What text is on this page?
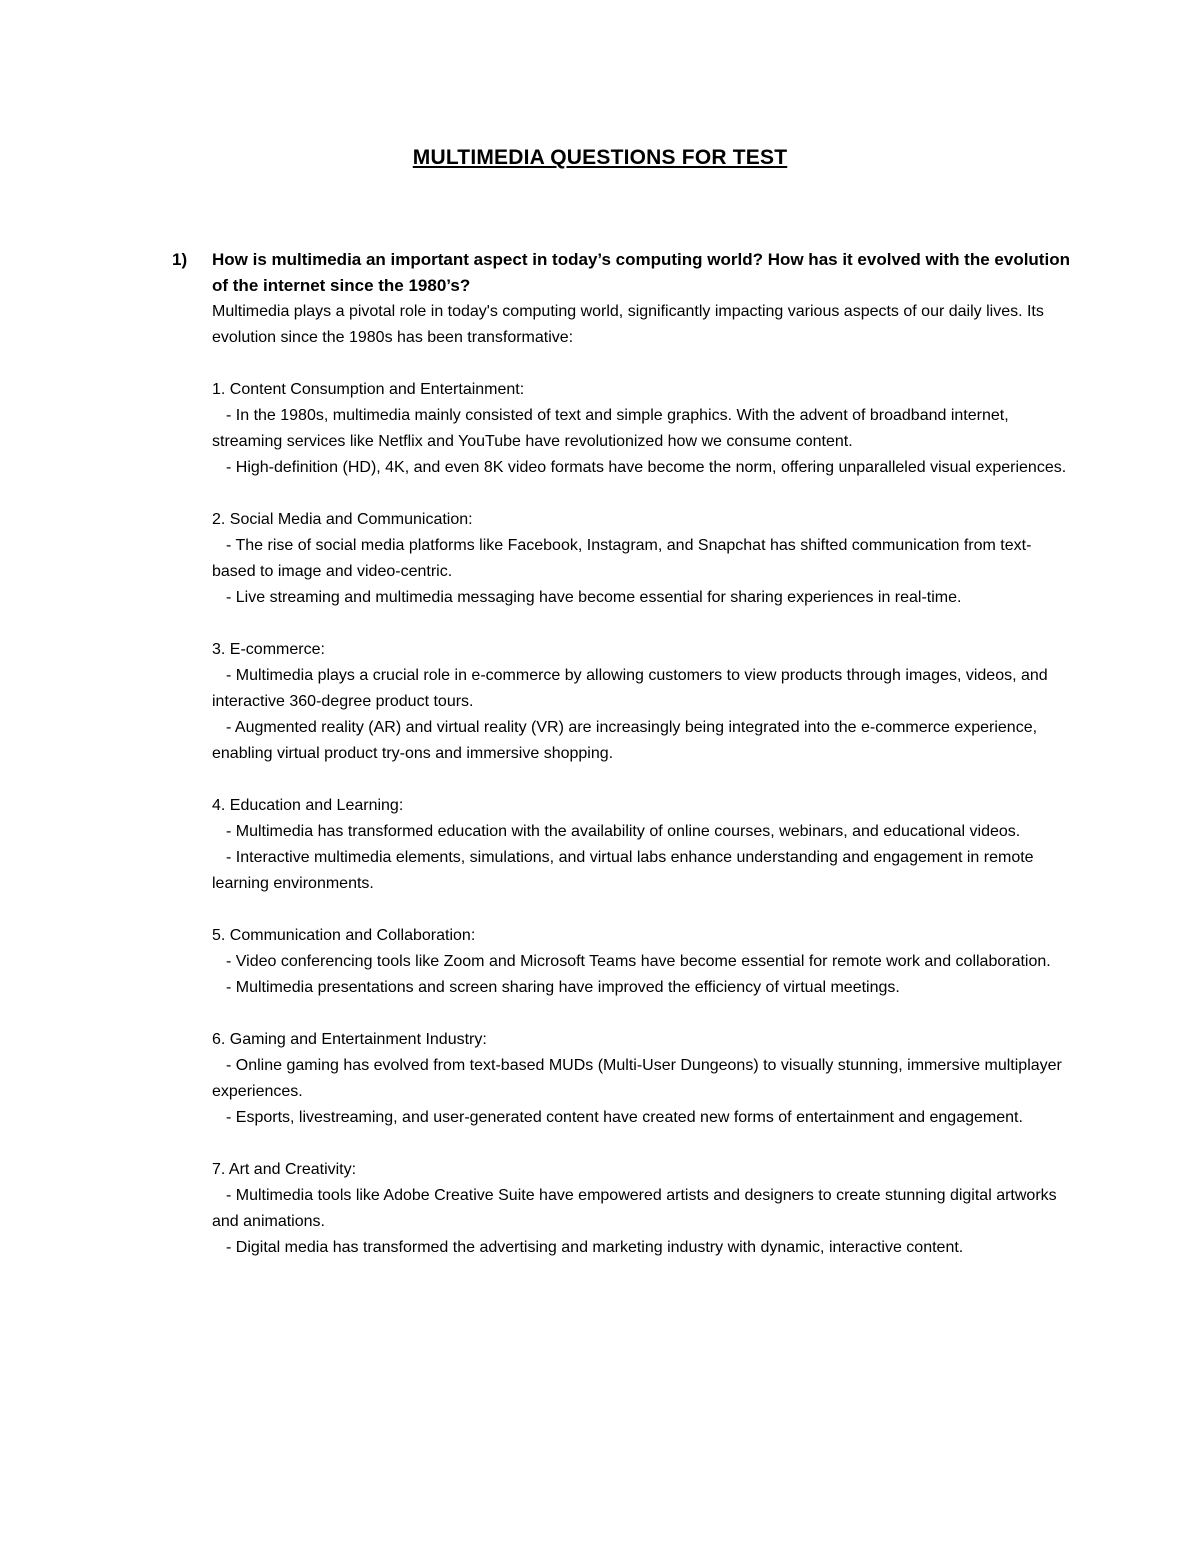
MULTIMEDIA QUESTIONS FOR TEST
1) How is multimedia an important aspect in today’s computing world? How has it evolved with the evolution of the internet since the 1980’s?

Multimedia plays a pivotal role in today's computing world, significantly impacting various aspects of our daily lives. Its evolution since the 1980s has been transformative:

1. Content Consumption and Entertainment:

- In the 1980s, multimedia mainly consisted of text and simple graphics. With the advent of broadband internet, streaming services like Netflix and YouTube have revolutionized how we consume content.

- High-definition (HD), 4K, and even 8K video formats have become the norm, offering unparalleled visual experiences.

2. Social Media and Communication:

- The rise of social media platforms like Facebook, Instagram, and Snapchat has shifted communication from text-based to image and video-centric.

- Live streaming and multimedia messaging have become essential for sharing experiences in real-time.

3. E-commerce:

- Multimedia plays a crucial role in e-commerce by allowing customers to view products through images, videos, and interactive 360-degree product tours.

- Augmented reality (AR) and virtual reality (VR) are increasingly being integrated into the e-commerce experience, enabling virtual product try-ons and immersive shopping.

4. Education and Learning:

- Multimedia has transformed education with the availability of online courses, webinars, and educational videos.

- Interactive multimedia elements, simulations, and virtual labs enhance understanding and engagement in remote learning environments.

5. Communication and Collaboration:

- Video conferencing tools like Zoom and Microsoft Teams have become essential for remote work and collaboration.

- Multimedia presentations and screen sharing have improved the efficiency of virtual meetings.

6. Gaming and Entertainment Industry:

- Online gaming has evolved from text-based MUDs (Multi-User Dungeons) to visually stunning, immersive multiplayer experiences.

- Esports, livestreaming, and user-generated content have created new forms of entertainment and engagement.

7. Art and Creativity:

- Multimedia tools like Adobe Creative Suite have empowered artists and designers to create stunning digital artworks and animations.

- Digital media has transformed the advertising and marketing industry with dynamic, interactive content.
